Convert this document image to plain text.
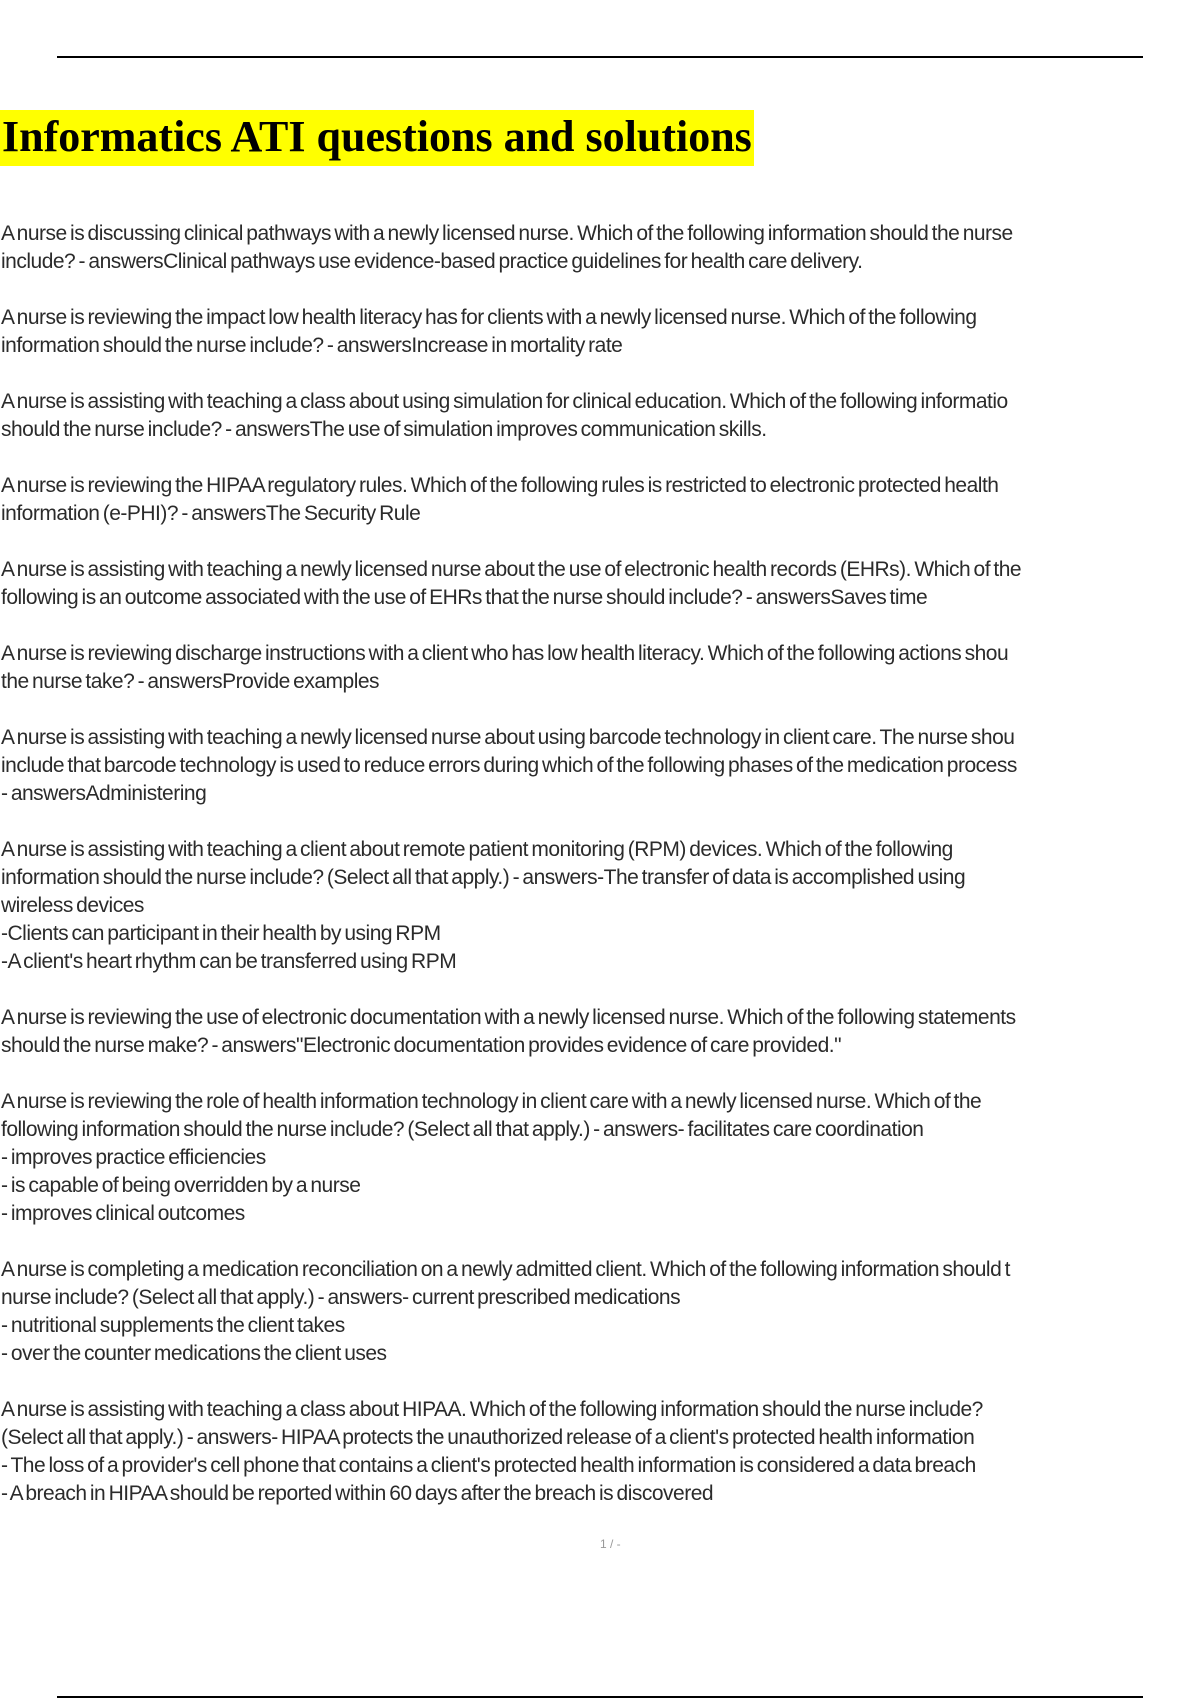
Informatics ATI questions and solutions
A nurse is discussing clinical pathways with a newly licensed nurse. Which of the following information should the nurse
include? - answersClinical pathways use evidence-based practice guidelines for health care delivery.
A nurse is reviewing the impact low health literacy has for clients with a newly licensed nurse. Which of the following
information should the nurse include? - answersIncrease in mortality rate
A nurse is assisting with teaching a class about using simulation for clinical education. Which of the following informatio
should the nurse include? - answersThe use of simulation improves communication skills.
A nurse is reviewing the HIPAA regulatory rules. Which of the following rules is restricted to electronic protected health
information (e-PHI)? - answersThe Security Rule
A nurse is assisting with teaching a newly licensed nurse about the use of electronic health records (EHRs). Which of the
following is an outcome associated with the use of EHRs that the nurse should include? - answersSaves time
A nurse is reviewing discharge instructions with a client who has low health literacy. Which of the following actions shou
the nurse take? - answersProvide examples
A nurse is assisting with teaching a newly licensed nurse about using barcode technology in client care. The nurse shou
include that barcode technology is used to reduce errors during which of the following phases of the medication process
- answersAdministering
A nurse is assisting with teaching a client about remote patient monitoring (RPM) devices. Which of the following
information should the nurse include? (Select all that apply.) - answers-The transfer of data is accomplished using
wireless devices
-Clients can participant in their health by using RPM
-A client's heart rhythm can be transferred using RPM
A nurse is reviewing the use of electronic documentation with a newly licensed nurse. Which of the following statements
should the nurse make? - answers"Electronic documentation provides evidence of care provided."
A nurse is reviewing the role of health information technology in client care with a newly licensed nurse. Which of the
following information should the nurse include? (Select all that apply.) - answers- facilitates care coordination
- improves practice efficiencies
- is capable of being overridden by a nurse
- improves clinical outcomes
A nurse is completing a medication reconciliation on a newly admitted client. Which of the following information should t
nurse include? (Select all that apply.) - answers- current prescribed medications
- nutritional supplements the client takes
- over the counter medications the client uses
A nurse is assisting with teaching a class about HIPAA. Which of the following information should the nurse include?
(Select all that apply.) - answers- HIPAA protects the unauthorized release of a client's protected health information
- The loss of a provider's cell phone that contains a client's protected health information is considered a data breach
- A breach in HIPAA should be reported within 60 days after the breach is discovered
1 / -
